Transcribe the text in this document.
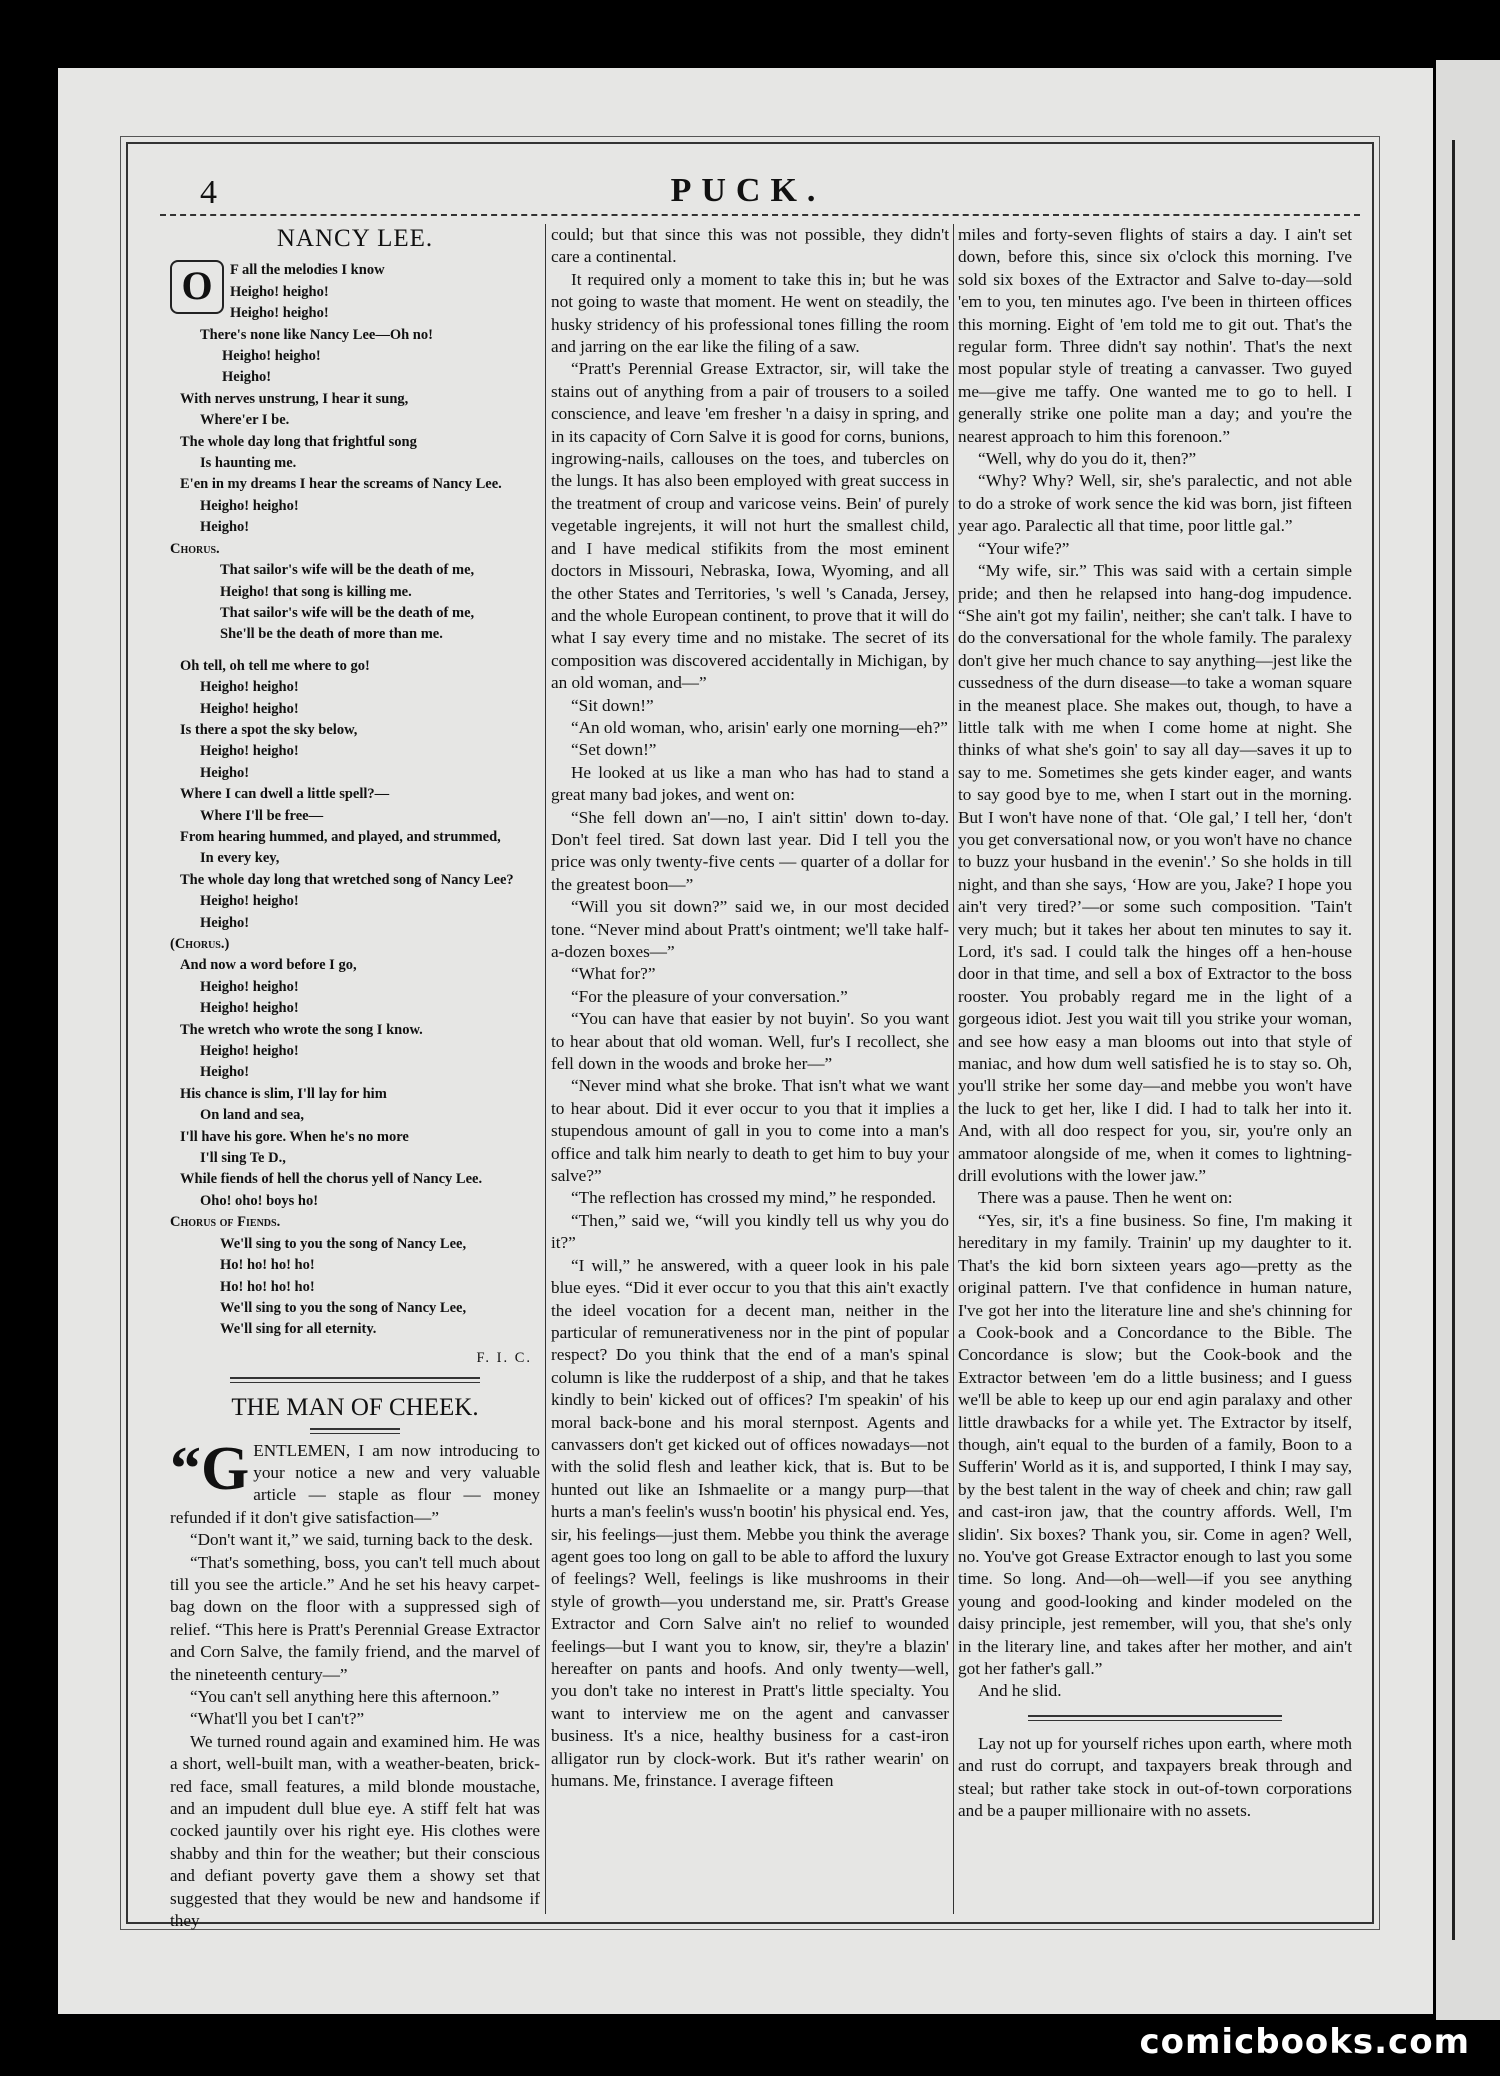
4	PUCK.
NANCY LEE.
O	F all the melodies I know

Heigho! heigho!

Heigho! heigho!

There's none like Nancy Lee—Oh no!

Heigho! heigho!

Heigho!

With nerves unstrung, I hear it sung,

Where'er I be.

The whole day long that frightful song

Is haunting me.

E'en in my dreams I hear the screams of Nancy Lee.

Heigho! heigho!

Heigho!

Chorus.

That sailor's wife will be the death of me,

Heigho! that song is killing me.

That sailor's wife will be the death of me,

She'll be the death of more than me.

Oh tell, oh tell me where to go!

Heigho! heigho!

Heigho! heigho!

Is there a spot the sky below,

Heigho! heigho!

Heigho!

Where I can dwell a little spell?—

Where I'll be free—

From hearing hummed, and played, and strummed,

In every key,

The whole day long that wretched song of Nancy Lee?

Heigho! heigho!

Heigho!

(Chorus.)

And now a word before I go,

Heigho! heigho!

Heigho! heigho!

The wretch who wrote the song I know.

Heigho! heigho!

Heigho!

His chance is slim, I'll lay for him

On land and sea,

I'll have his gore. When he's no more

I'll sing Te D.,

While fiends of hell the chorus yell of Nancy Lee.

Oho! oho! boys ho!

Chorus of Fiends.

We'll sing to you the song of Nancy Lee,

Ho! ho! ho! ho!

Ho! ho! ho! ho!

We'll sing to you the song of Nancy Lee,

We'll sing for all eternity.

F. I. C.
THE MAN OF CHEEK.
“G ENTLEMEN, I am now introducing to your notice a new and very valuable article — staple as flour — money refunded if it don't give satisfaction—”

“Don't want it,” we said, turning back to the desk.

“That's something, boss, you can't tell much about till you see the article.” And he set his heavy carpet-bag down on the floor with a suppressed sigh of relief. “This here is Pratt's Perennial Grease Extractor and Corn Salve, the family friend, and the marvel of the nineteenth century—”

“You can't sell anything here this afternoon.”

“What'll you bet I can't?”

We turned round again and examined him. He was a short, well-built man, with a weather-beaten, brick-red face, small features, a mild blonde moustache, and an impudent dull blue eye. A stiff felt hat was cocked jauntily over his right eye. His clothes were shabby and thin for the weather; but their conscious and defiant poverty gave them a showy set that suggested that they would be new and handsome if they

could; but that since this was not possible, they didn't care a continental.

It required only a moment to take this in; but he was not going to waste that moment. He went on steadily, the husky stridency of his professional tones filling the room and jarring on the ear like the filing of a saw.

“Pratt's Perennial Grease Extractor, sir, will take the stains out of anything from a pair of trousers to a soiled conscience, and leave 'em fresher 'n a daisy in spring, and in its capacity of Corn Salve it is good for corns, bunions, ingrowing-nails, callouses on the toes, and tubercles on the lungs. It has also been employed with great success in the treatment of croup and varicose veins. Bein' of purely vegetable ingrejents, it will not hurt the smallest child, and I have medical stifikits from the most eminent doctors in Missouri, Nebraska, Iowa, Wyoming, and all the other States and Territories, 's well 's Canada, Jersey, and the whole European continent, to prove that it will do what I say every time and no mistake. The secret of its composition was discovered accidentally in Michigan, by an old woman, and—”

“Sit down!”

“An old woman, who, arisin' early one morning—eh?”

“Set down!”

He looked at us like a man who has had to stand a great many bad jokes, and went on:

“She fell down an'—no, I ain't sittin' down to-day. Don't feel tired. Sat down last year. Did I tell you the price was only twenty-five cents — quarter of a dollar for the greatest boon—”

“Will you sit down?” said we, in our most decided tone. “Never mind about Pratt's ointment; we'll take half-a-dozen boxes—”

“What for?”

“For the pleasure of your conversation.”

“You can have that easier by not buyin'. So you want to hear about that old woman. Well, fur's I recollect, she fell down in the woods and broke her—”

“Never mind what she broke. That isn't what we want to hear about. Did it ever occur to you that it implies a stupendous amount of gall in you to come into a man's office and talk him nearly to death to get him to buy your salve?”

“The reflection has crossed my mind,” he responded.

“Then,” said we, “will you kindly tell us why you do it?”

“I will,” he answered, with a queer look in his pale blue eyes. “Did it ever occur to you that this ain't exactly the ideel vocation for a decent man, neither in the particular of remunerativeness nor in the pint of popular respect? Do you think that the end of a man's spinal column is like the rudderpost of a ship, and that he takes kindly to bein' kicked out of offices? I'm speakin' of his moral back-bone and his moral sternpost. Agents and canvassers don't get kicked out of offices nowadays—not with the solid flesh and leather kick, that is. But to be hunted out like an Ishmaelite or a mangy purp—that hurts a man's feelin's wuss'n bootin' his physical end. Yes, sir, his feelings—just them. Mebbe you think the average agent goes too long on gall to be able to afford the luxury of feelings? Well, feelings is like mushrooms in their style of growth—you understand me, sir. Pratt's Grease Extractor and Corn Salve ain't no relief to wounded feelings—but I want you to know, sir, they're a blazin' hereafter on pants and hoofs. And only twenty—well, you don't take no interest in Pratt's little specialty. You want to interview me on the agent and canvasser business. It's a nice, healthy business for a cast-iron alligator run by clock-work. But it's rather wearin' on humans. Me, frinstance. I average fifteen

miles and forty-seven flights of stairs a day. I ain't set down, before this, since six o'clock this morning. I've sold six boxes of the Extractor and Salve to-day—sold 'em to you, ten minutes ago. I've been in thirteen offices this morning. Eight of 'em told me to git out. That's the regular form. Three didn't say nothin'. That's the next most popular style of treating a canvasser. Two guyed me—give me taffy. One wanted me to go to hell. I generally strike one polite man a day; and you're the nearest approach to him this forenoon.”

“Well, why do you do it, then?”

“Why? Why? Well, sir, she's paralectic, and not able to do a stroke of work sence the kid was born, jist fifteen year ago. Paralectic all that time, poor little gal.”

“Your wife?”

“My wife, sir.” This was said with a certain simple pride; and then he relapsed into hang-dog impudence. “She ain't got my failin', neither; she can't talk. I have to do the conversational for the whole family. The paralexy don't give her much chance to say anything—jest like the cussedness of the durn disease—to take a woman square in the meanest place. She makes out, though, to have a little talk with me when I come home at night. She thinks of what she's goin' to say all day—saves it up to say to me. Sometimes she gets kinder eager, and wants to say good bye to me, when I start out in the morning. But I won't have none of that. ‘Ole gal,’ I tell her, ‘don't you get conversational now, or you won't have no chance to buzz your husband in the evenin'.’ So she holds in till night, and than she says, ‘How are you, Jake? I hope you ain't very tired?’—or some such composition. 'Tain't very much; but it takes her about ten minutes to say it. Lord, it's sad. I could talk the hinges off a hen-house door in that time, and sell a box of Extractor to the boss rooster. You probably regard me in the light of a gorgeous idiot. Jest you wait till you strike your woman, and see how easy a man blooms out into that style of maniac, and how dum well satisfied he is to stay so. Oh, you'll strike her some day—and mebbe you won't have the luck to get her, like I did. I had to talk her into it. And, with all doo respect for you, sir, you're only an ammatoor alongside of me, when it comes to lightning-drill evolutions with the lower jaw.”

There was a pause. Then he went on:

“Yes, sir, it's a fine business. So fine, I'm making it hereditary in my family. Trainin' up my daughter to it. That's the kid born sixteen years ago—pretty as the original pattern. I've that confidence in human nature, I've got her into the literature line and she's chinning for a Cook-book and a Concordance to the Bible. The Concordance is slow; but the Cook-book and the Extractor between 'em do a little business; and I guess we'll be able to keep up our end agin paralaxy and other little drawbacks for a while yet. The Extractor by itself, though, ain't equal to the burden of a family, Boon to a Sufferin' World as it is, and supported, I think I may say, by the best talent in the way of cheek and chin; raw gall and cast-iron jaw, that the country affords. Well, I'm slidin'. Six boxes? Thank you, sir. Come in agen? Well, no. You've got Grease Extractor enough to last you some time. So long. And—oh—well—if you see anything young and good-looking and kinder modeled on the daisy principle, jest remember, will you, that she's only in the literary line, and takes after her mother, and ain't got her father's gall.”

And he slid.

Lay not up for yourself riches upon earth, where moth and rust do corrupt, and taxpayers break through and steal; but rather take stock in out-of-town corporations and be a pauper millionaire with no assets.

comicbooks.com
